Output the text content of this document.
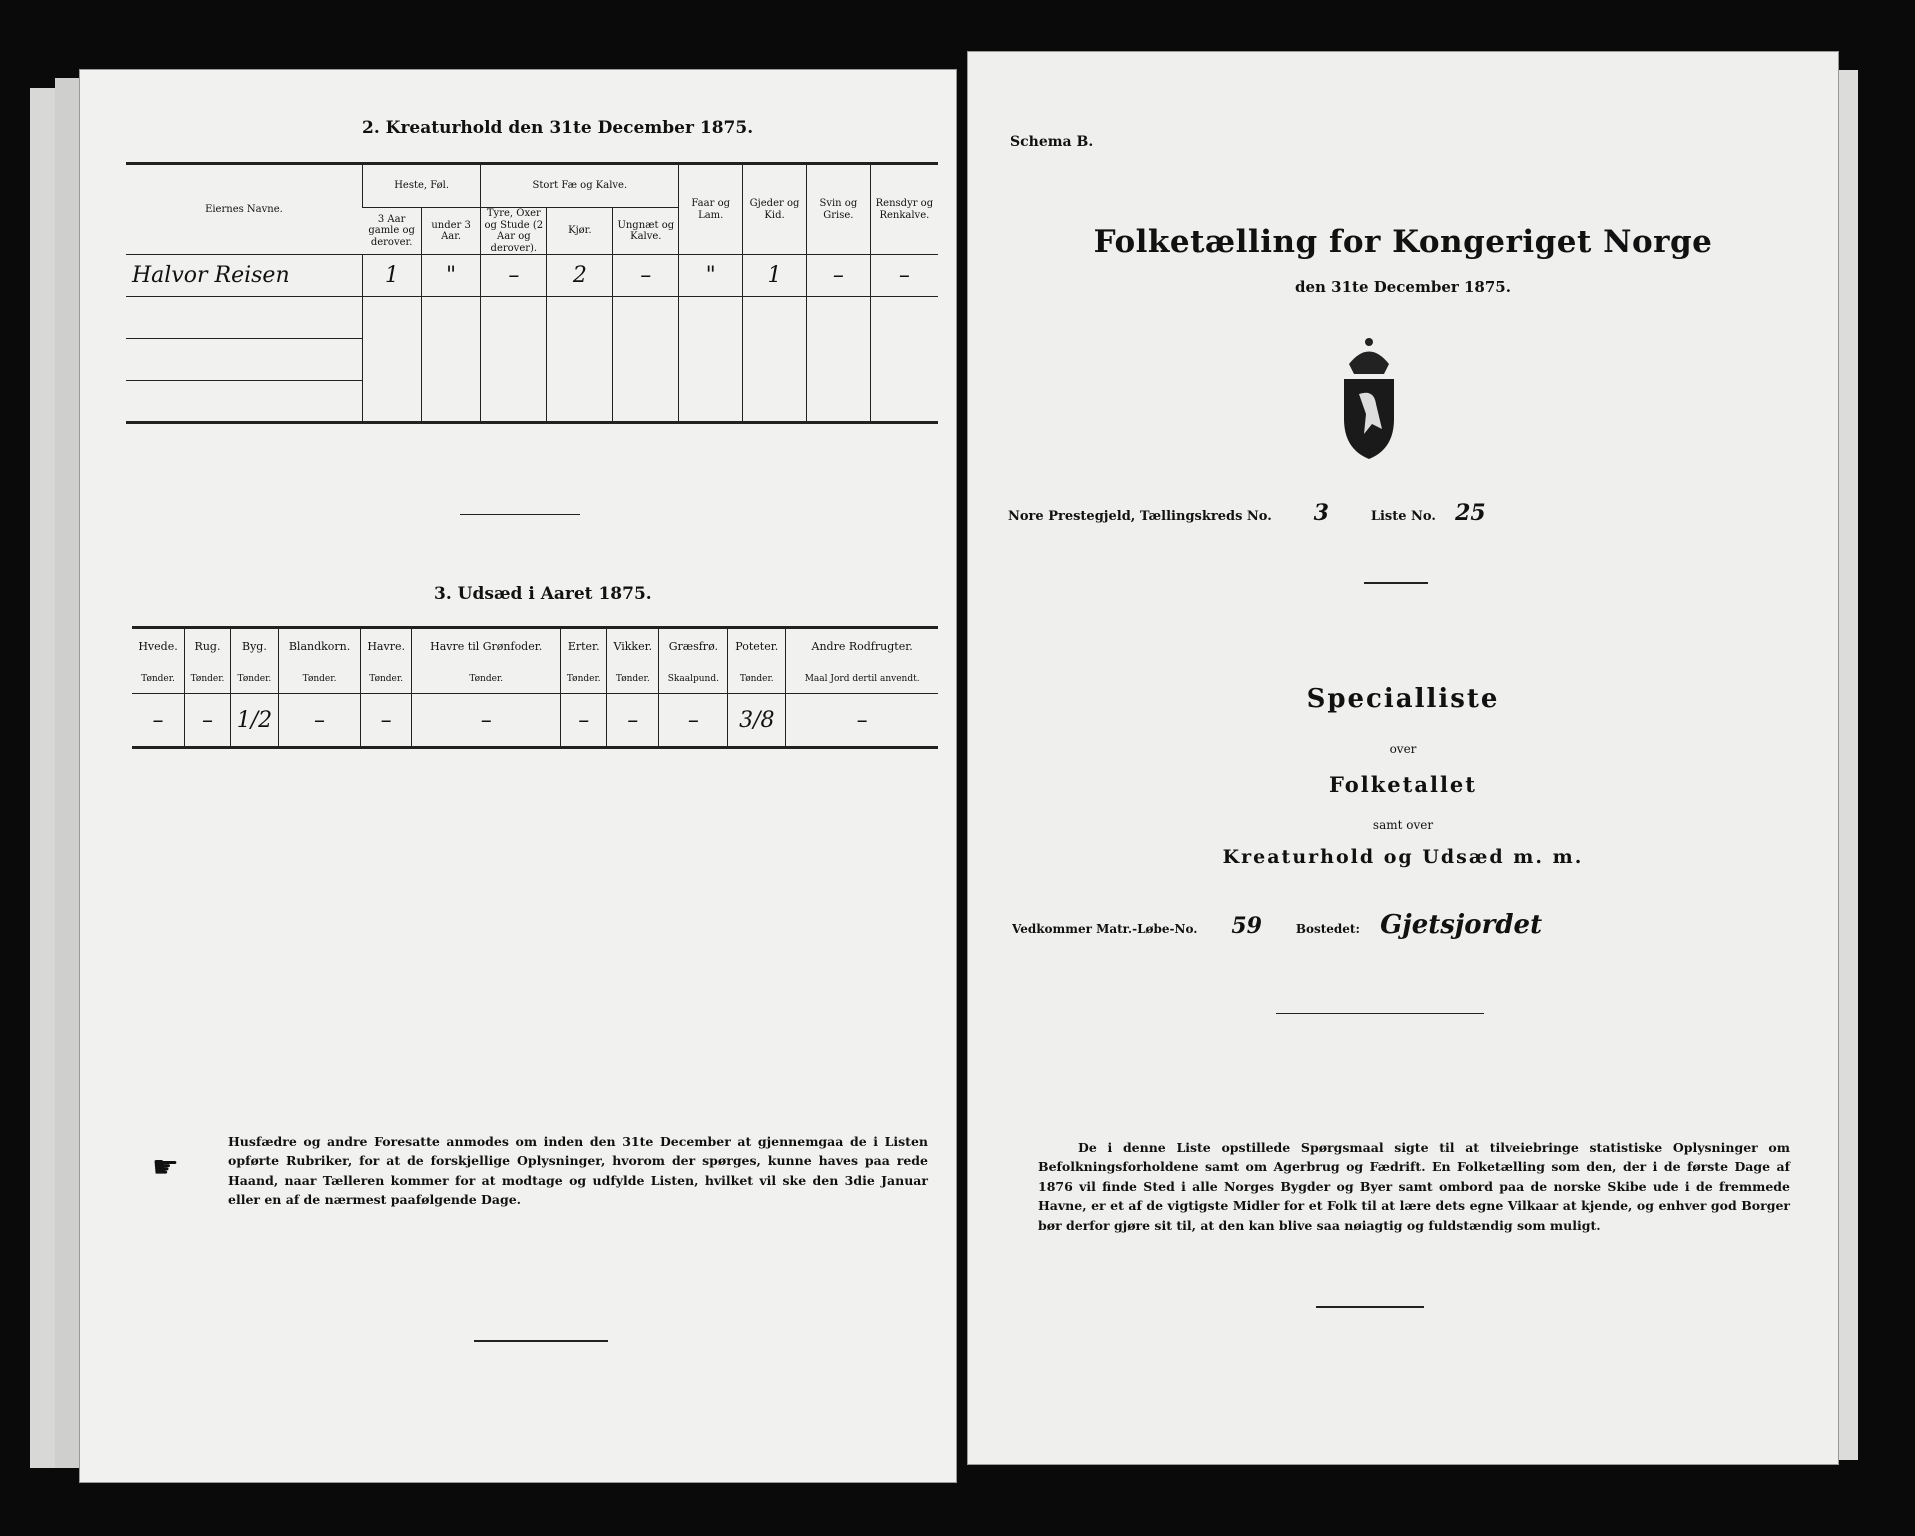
2. Kreaturhold den 31te December 1875.
Eiernes Navne.	Heste, Føl.		Stort Fæ og Kalve.			Faar og Lam.	Gjeder og Kid.	Svin og Grise.	Rensdyr og Renkalve.
	3 Aar gamle og derover.	under 3 Aar.	Tyre, Oxer og Stude (2 Aar og derover).	Kjør.	Ungnæt og Kalve.				
Halvor Reisen	1	"	–	2	–	"	1	–	–

3. Udsæd i Aaret 1875.
Hvede.	Rug.	Byg.	Blandkorn.	Havre.	Havre til Grønfoder.	Erter.	Vikker.	Græsfrø.	Poteter.	Andre Rodfrugter.
Tønder.	Tønder.	Tønder.	Tønder.	Tønder.	Tønder.	Tønder.	Tønder.	Skaalpund.	Tønder.	Maal Jord dertil anvendt.
–	–	1/2	–	–	–	–	–	–	3/8	–
☛
Husfædre og andre Foresatte anmodes om inden den 31te December at gjennemgaa de i Listen opførte Rubriker, for at de forskjellige Oplysninger, hvorom der spørges, kunne haves paa rede Haand, naar Tælleren kommer for at modtage og udfylde Listen, hvilket vil ske den 3die Januar eller en af de nærmest paafølgende Dage.
Schema B.
Folketælling for Kongeriget Norge
den 31te December 1875.
Nore Prestegjeld, Tællingskreds No. 3	Liste No. 25
Specialliste
over
Folketallet
samt over
Kreaturhold og Udsæd m. m.
Vedkommer Matr.-Løbe-No. 59	Bostedet: Gjetsjordet
De i denne Liste opstillede Spørgsmaal sigte til at tilveiebringe statistiske Oplysninger om Befolkningsforholdene samt om Agerbrug og Fædrift. En Folketælling som den, der i de første Dage af 1876 vil finde Sted i alle Norges Bygder og Byer samt ombord paa de norske Skibe ude i de fremmede Havne, er et af de vigtigste Midler for et Folk til at lære dets egne Vilkaar at kjende, og enhver god Borger bør derfor gjøre sit til, at den kan blive saa nøiagtig og fuldstændig som muligt.
